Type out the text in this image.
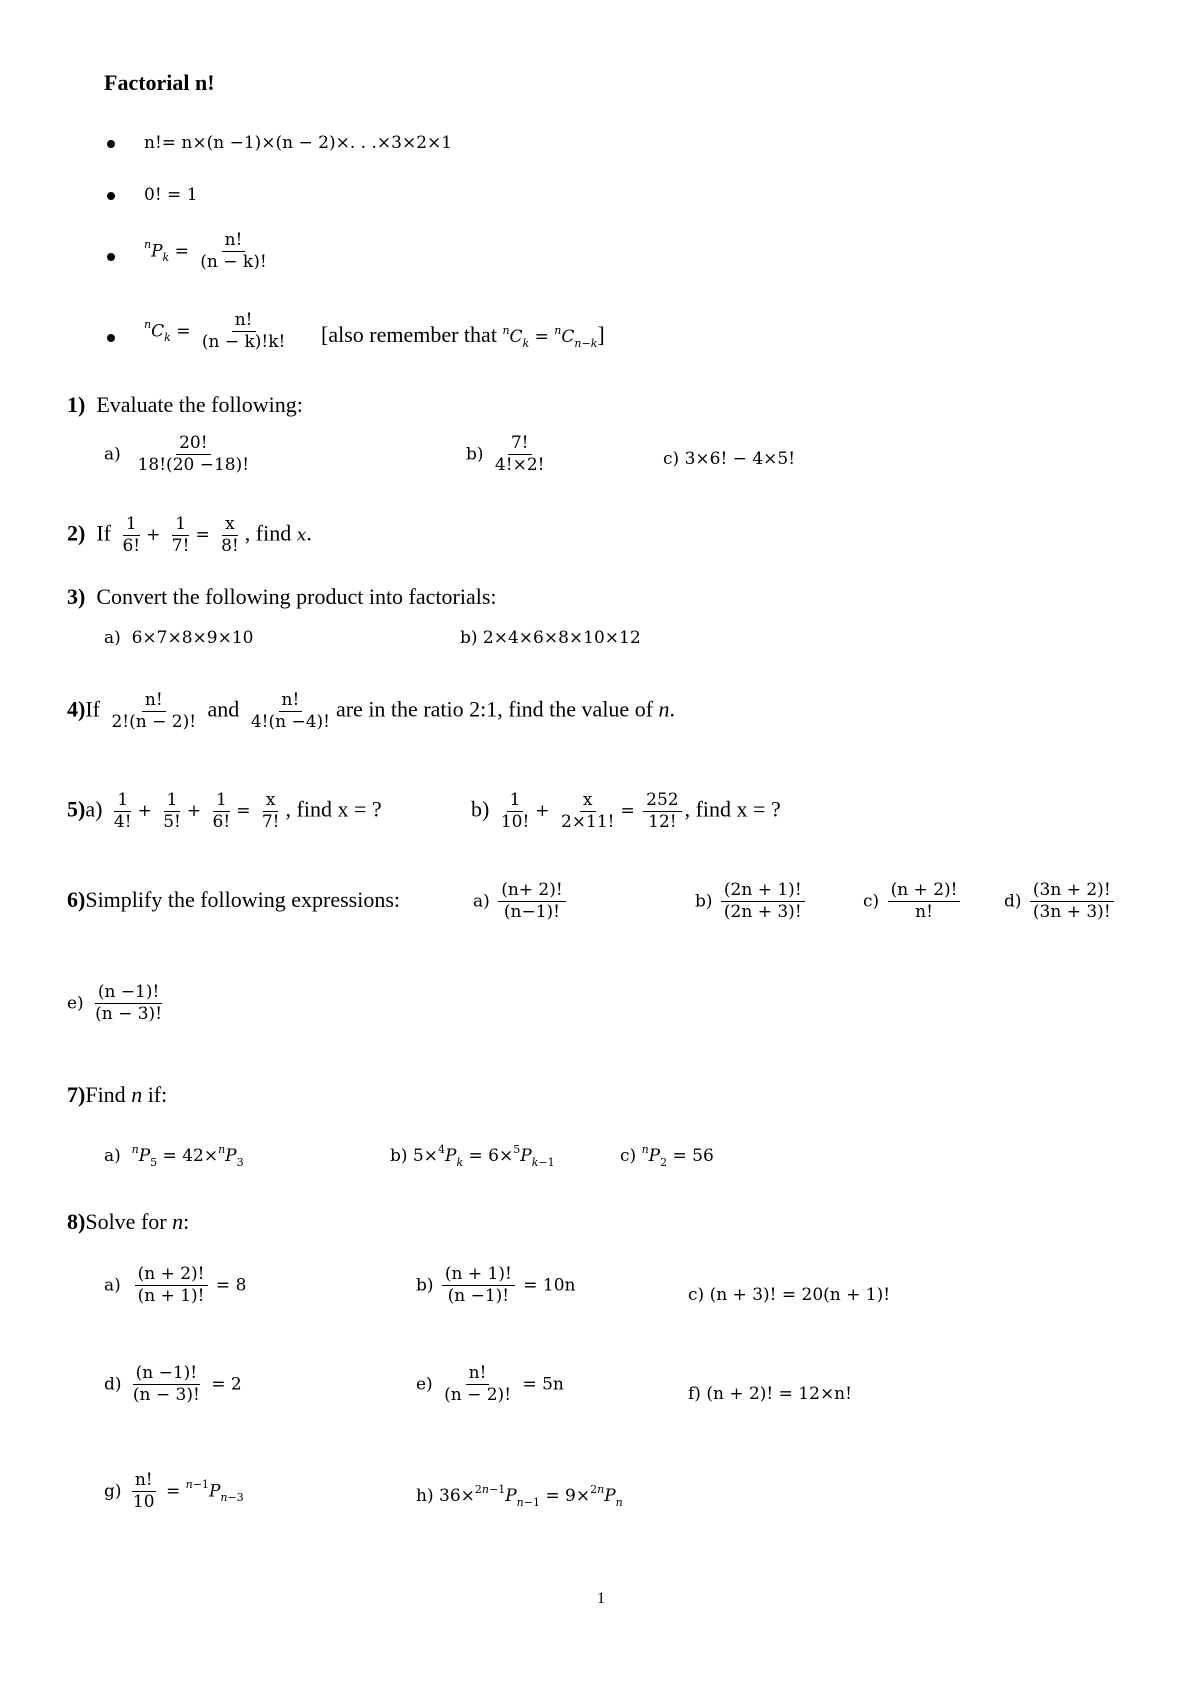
Factorial n!
n!= n×(n −1)×(n − 2)×. . .×3×2×1
0! = 1
$^nP_k = \frac{n!}{(n - k)!}$
$^nC_k = \frac{n!}{(n - k)!k!}$ [also remember that $^nC_k = ^nC_{n-k}$]
1) Evaluate the following:
$a) \frac{20!}{18!(20 -18)!}$	$b) \frac{7!}{4!\times 2!}$	c) 3×6! − 4×5!
2) If $\frac{1}{6!} + \frac{1}{7!} = \frac{x}{8!}$ , find x.
3) Convert the following product into factorials:
a) 6×7×8×9×10	b) 2×4×6×8×10×12
$4)If \frac{n!}{2!(n - 2)!}$ and $\frac{n!}{4!(n -4)!}$ are in the ratio 2:1, find the value of n.
$5)a) \frac{1}{4!} + \frac{1}{5!} + \frac{1}{6!} = \frac{x}{7!}$ , find x = ?	$b) \frac{1}{10!} + \frac{x}{2\times 11!} = \frac{252}{12!}$ , find x = ?
6)Simplify the following expressions:	$a) \frac{(n+ 2)!}{(n-1)!}$	$b) \frac{(2n + 1)!}{(2n + 3)!}$	$c) \frac{(n + 2)!}{n!}$	$d) \frac{(3n + 2)!}{(3n + 3)!}$
$e) \frac{(n -1)!}{(n - 3)!}$
7)Find n if:
a) $^nP_5 = 42\times^nP_3$	b) $5\times^4P_k = 6\times^5P_{k-1}$	c) $^nP_2 = 56$
8)Solve for n:
$a) \frac{(n + 2)!}{(n + 1)!} = 8$	$b) \frac{(n + 1)!}{(n -1)!} = 10n$	c) (n + 3)! = 20(n + 1)!
$d) \frac{(n -1)!}{(n - 3)!} = 2$	$e) \frac{n!}{(n - 2)!} = 5n$	f) (n + 2)! = 12×n!
$g) \frac{n!}{10} = ^{n-1}P_{n-3}$	h) $36\times^{2n-1}P_{n-1} = 9\times^{2n}P_n$
1
